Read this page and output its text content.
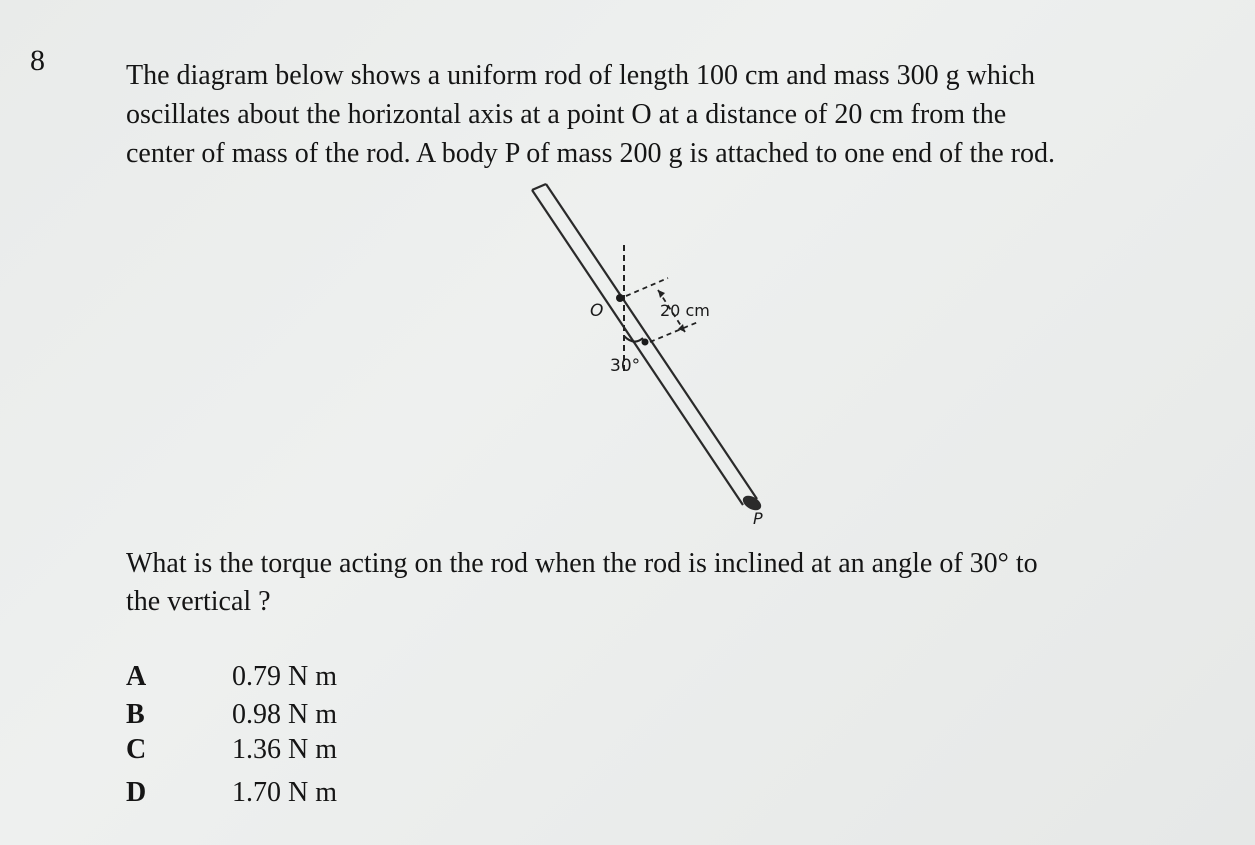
8	The diagram below shows a uniform rod of length 100 cm and mass 300 g which
oscillates about the horizontal axis at a point O at a distance of 20 cm from the
center of mass of the rod. A body P of mass 200 g is attached to one end of the rod.
O	20 cm
30°
P
What is the torque acting on the rod when the rod is inclined at an angle of 30° to
the vertical ?
A	0.79 N m
B	0.98 N m
C	1.36 N m
D	1.70 N m
